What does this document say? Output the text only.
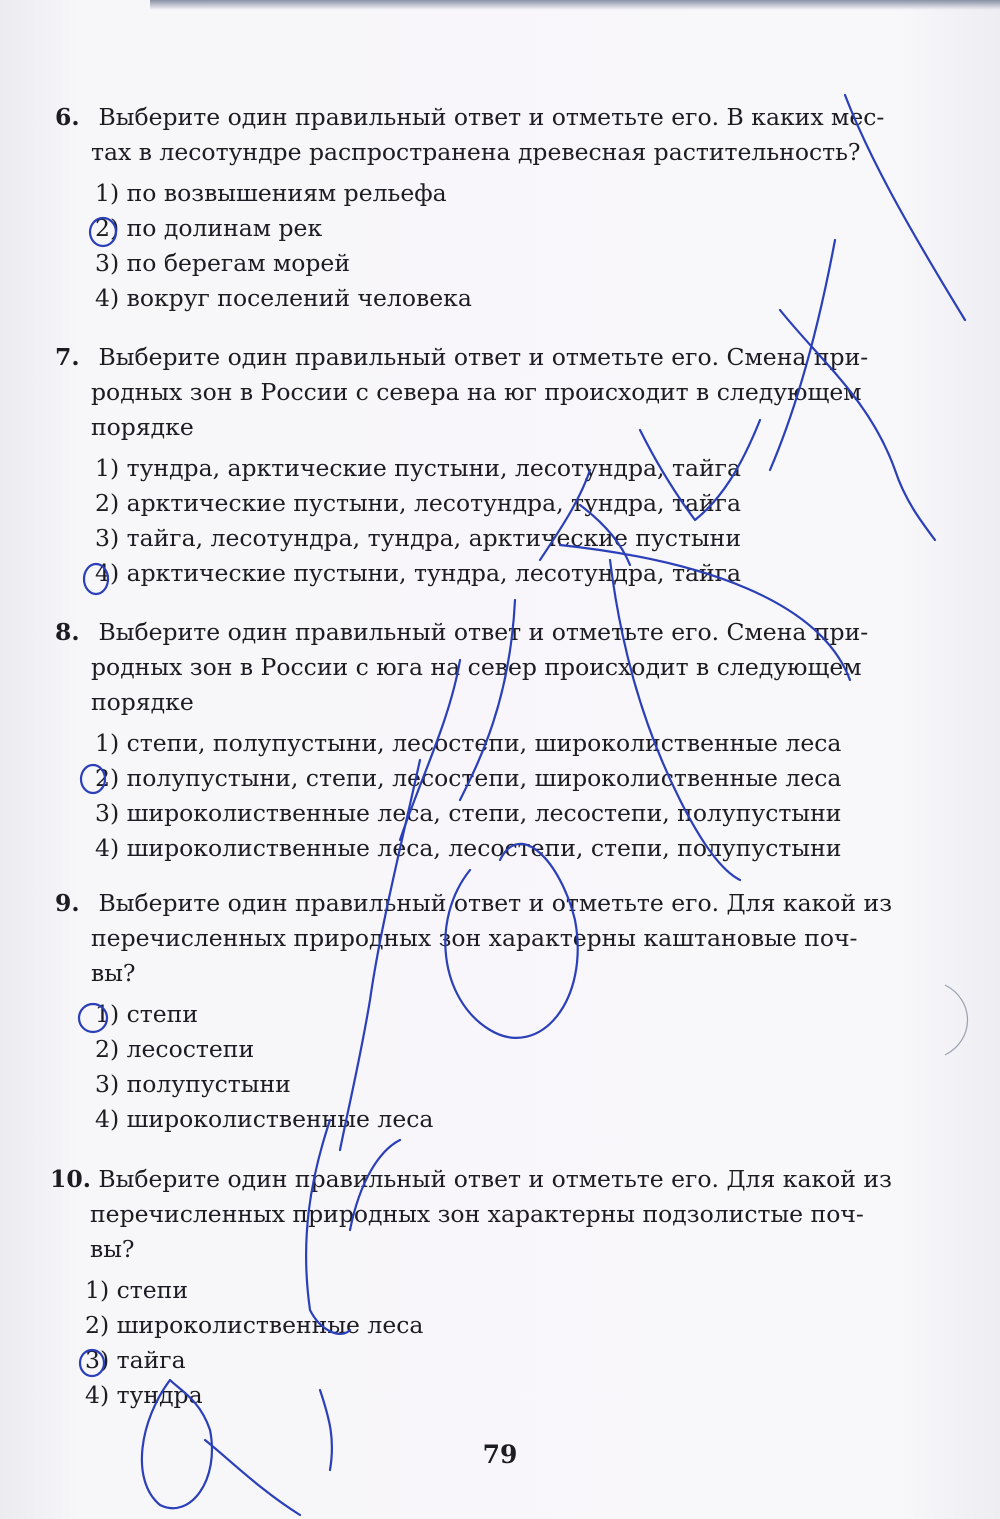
6. Выберите один правильный ответ и отметьте его. В каких мес-
тах в лесотундре распространена древесная растительность?

1) по возвышениям рельефа
2) по долинам рек
3) по берегам морей
4) вокруг поселений человека

7. Выберите один правильный ответ и отметьте его. Смена при-
родных зон в России с севера на юг происходит в следующем
порядке

1) тундра, арктические пустыни, лесотундра, тайга
2) арктические пустыни, лесотундра, тундра, тайга
3) тайга, лесотундра, тундра, арктические пустыни
4) арктические пустыни, тундра, лесотундра, тайга

8. Выберите один правильный ответ и отметьте его. Смена при-
родных зон в России с юга на север происходит в следующем
порядке

1) степи, полупустыни, лесостепи, широколиственные леса
2) полупустыни, степи, лесостепи, широколиственные леса
3) широколиственные леса, степи, лесостепи, полупустыни
4) широколиственные леса, лесостепи, степи, полупустыни

9. Выберите один правильный ответ и отметьте его. Для какой из
перечисленных природных зон характерны каштановые поч-
вы?

1) степи
2) лесостепи
3) полупустыни
4) широколиственные леса

10. Выберите один правильный ответ и отметьте его. Для какой из
перечисленных природных зон характерны подзолистые поч-
вы?

1) степи
2) широколиственные леса
3) тайга
4) тундра
79
